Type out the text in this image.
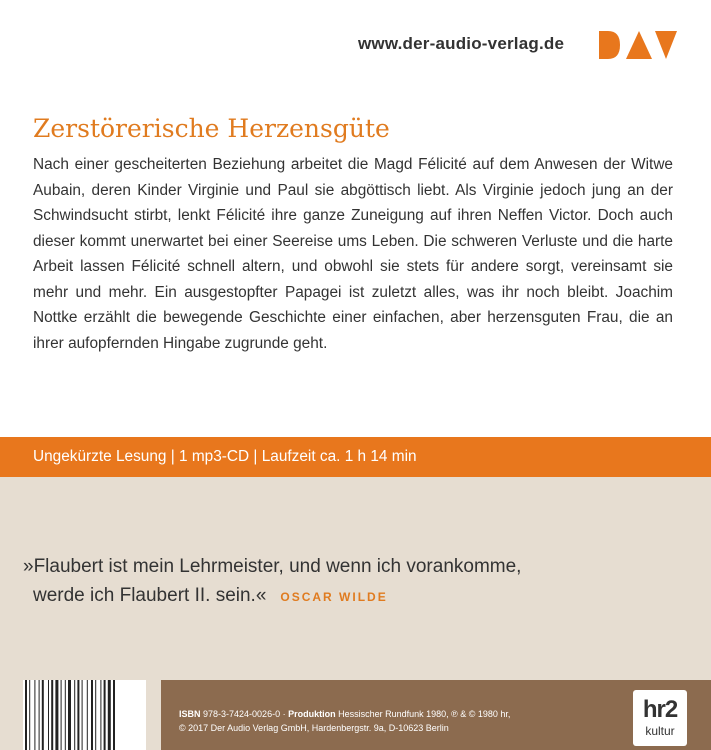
www.der-audio-verlag.de
Zerstörerische Herzensgüte
Nach einer gescheiterten Beziehung arbeitet die Magd Félicité auf dem Anwesen der Witwe Aubain, deren Kinder Virginie und Paul sie abgöttisch liebt. Als Virginie jedoch jung an der Schwindsucht stirbt, lenkt Félicité ihre ganze Zuneigung auf ihren Neffen Victor. Doch auch dieser kommt unerwartet bei einer Seereise ums Leben. Die schweren Verluste und die harte Arbeit lassen Félicité schnell altern, und obwohl sie stets für andere sorgt, vereinsamt sie mehr und mehr. Ein ausgestopfter Papagei ist zuletzt alles, was ihr noch bleibt. Joachim Nottke erzählt die bewegende Geschichte einer einfachen, aber herzensguten Frau, die an ihrer aufopfernden Hingabe zugrunde geht.
Ungekürzte Lesung | 1 mp3-CD | Laufzeit ca. 1 h 14 min
»Flaubert ist mein Lehrmeister, und wenn ich vorankomme,
werde ich Flaubert II. sein.« OSCAR WILDE
ISBN 978-3-7424-0026-0 · Produktion Hessischer Rundfunk 1980, ℗ & © 1980 hr,
© 2017 Der Audio Verlag GmbH, Hardenbergstr. 9a, D-10623 Berlin
hr2
kultur
